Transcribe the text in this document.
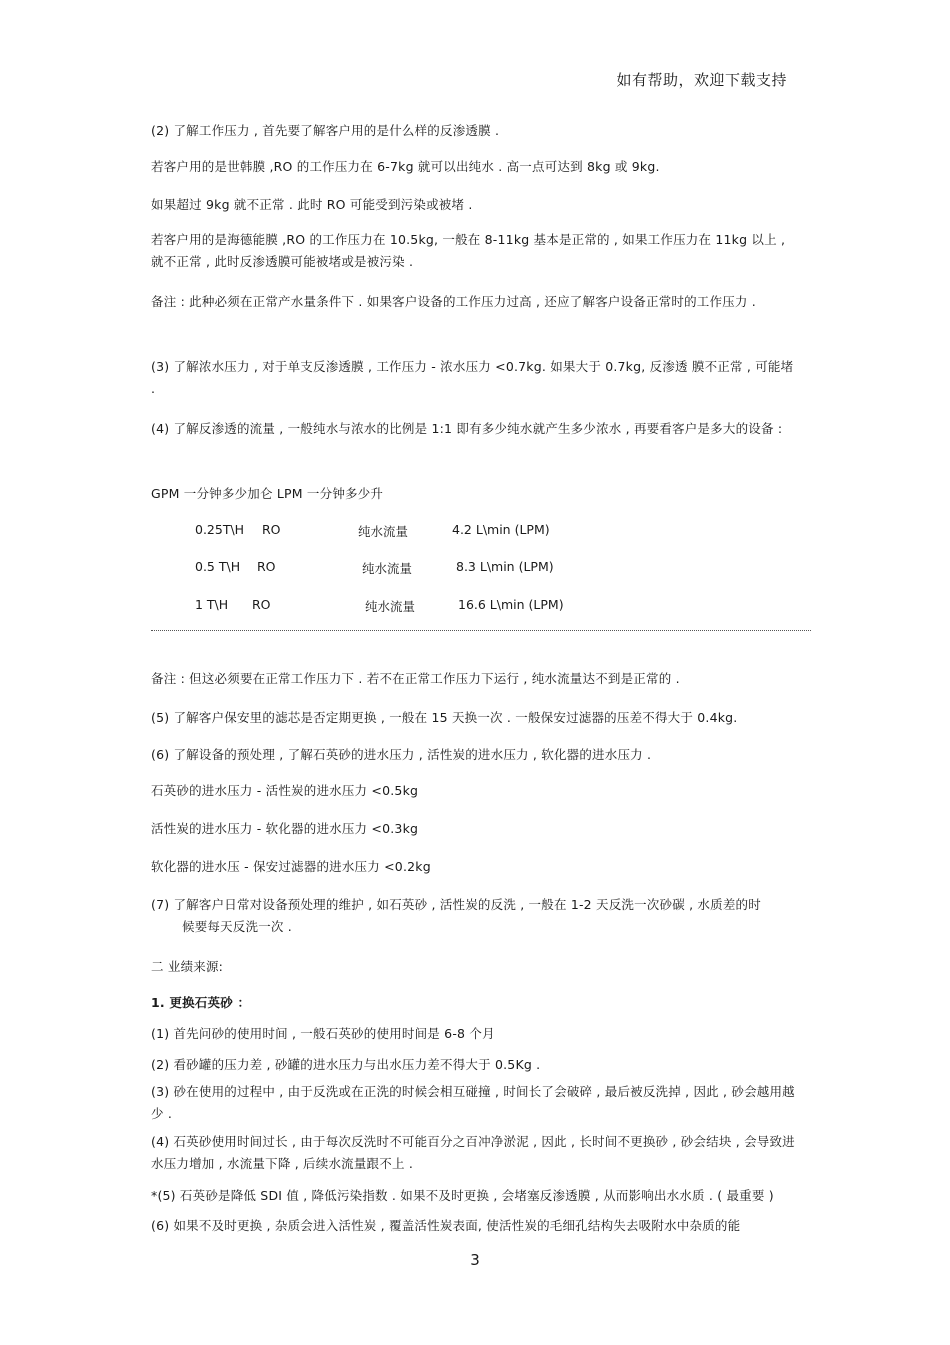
如有帮助，欢迎下载支持
(2) 了解工作压力 , 首先要了解客户用的是什么样的反渗透膜 .
若客户用的是世韩膜 ,RO 的工作压力在 6-7kg 就可以出纯水 . 高一点可达到 8kg 或 9kg.
如果超过 9kg 就不正常 . 此时 RO 可能受到污染或被堵 .
若客户用的是海德能膜 ,RO 的工作压力在 10.5kg, 一般在 8-11kg 基本是正常的 , 如果工作压力在 11kg 以上 , 就不正常 , 此时反渗透膜可能被堵或是被污染 .
备注 : 此种必须在正常产水量条件下 . 如果客户设备的工作压力过高 , 还应了解客户设备正常时的工作压力 .
(3) 了解浓水压力 , 对于单支反渗透膜 , 工作压力 - 浓水压力 <0.7kg. 如果大于 0.7kg, 反渗透 膜不正常 , 可能堵 .
(4) 了解反渗透的流量 , 一般纯水与浓水的比例是 1:1 即有多少纯水就产生多少浓水 , 再要看客户是多大的设备 :
GPM 一分钟多少加仑 LPM 一分钟多少升
0.25T\H RO	纯水流量	4.2 L\min (LPM)
0.5 T\H RO	纯水流量	8.3 L\min (LPM)
1 T\H RO	纯水流量	16.6 L\min (LPM)
备注 : 但这必须要在正常工作压力下 . 若不在正常工作压力下运行 , 纯水流量达不到是正常的 .
(5) 了解客户保安里的滤芯是否定期更换 , 一般在 15 天换一次 . 一般保安过滤器的压差不得大于 0.4kg.
(6) 了解设备的预处理 , 了解石英砂的进水压力 , 活性炭的进水压力 , 软化器的进水压力 .
石英砂的进水压力 - 活性炭的进水压力 <0.5kg
活性炭的进水压力 - 软化器的进水压力 <0.3kg
软化器的进水压 - 保安过滤器的进水压力 <0.2kg
(7) 了解客户日常对设备预处理的维护 , 如石英砂 , 活性炭的反洗 , 一般在 1-2 天反洗一次砂碳 , 水质差的时
候要每天反洗一次 .
二 业绩来源:
1. 更换石英砂 ：
(1) 首先问砂的使用时间 , 一般石英砂的使用时间是 6-8 个月
(2) 看砂罐的压力差 , 砂罐的进水压力与出水压力差不得大于 0.5Kg .
(3) 砂在使用的过程中 , 由于反洗或在正洗的时候会相互碰撞 , 时间长了会破碎 , 最后被反洗掉 , 因此 , 砂会越用越少 .
(4) 石英砂使用时间过长 , 由于每次反洗时不可能百分之百冲净淤泥 , 因此 , 长时间不更换砂 , 砂会结块 , 会导致进水压力增加 , 水流量下降 , 后续水流量跟不上 .
*(5) 石英砂是降低 SDI 值 , 降低污染指数 . 如果不及时更换 , 会堵塞反渗透膜 , 从而影响出水水质 . ( 最重要 )
(6) 如果不及时更换 , 杂质会进入活性炭 , 覆盖活性炭表面, 使活性炭的毛细孔结构失去吸附水中杂质的能
3
